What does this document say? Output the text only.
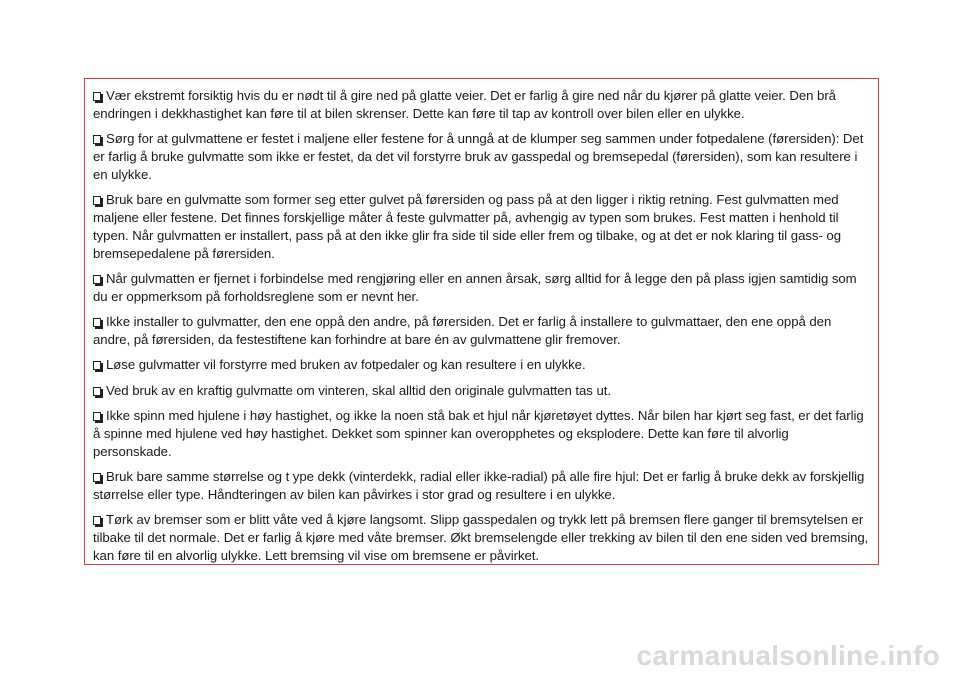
Vær ekstremt forsiktig hvis du er nødt til å gire ned på glatte veier. Det er farlig å gire ned når du kjører på glatte veier. Den brå endringen i dekkhastighet kan føre til at bilen skrenser. Dette kan føre til tap av kontroll over bilen eller en ulykke.

Sørg for at gulvmattene er festet i maljene eller festene for å unngå at de klumper seg sammen under fotpedalene (førersiden): Det er farlig å bruke gulvmatte som ikke er festet, da det vil forstyrre bruk av gasspedal og bremsepedal (førersiden), som kan resultere i en ulykke.

Bruk bare en gulvmatte som former seg etter gulvet på førersiden og pass på at den ligger i riktig retning. Fest gulvmatten med maljene eller festene. Det finnes forskjellige måter å feste gulvmatter på, avhengig av typen som brukes. Fest matten i henhold til typen. Når gulvmatten er installert, pass på at den ikke glir fra side til side eller frem og tilbake, og at det er nok klaring til gass- og bremsepedalene på førersiden.

Når gulvmatten er fjernet i forbindelse med rengjøring eller en annen årsak, sørg alltid for å legge den på plass igjen samtidig som du er oppmerksom på forholdsreglene som er nevnt her.

Ikke installer to gulvmatter, den ene oppå den andre, på førersiden. Det er farlig å installere to gulvmattaer, den ene oppå den andre, på førersiden, da festestiftene kan forhindre at bare én av gulvmattene glir fremover.

Løse gulvmatter vil forstyrre med bruken av fotpedaler og kan resultere i en ulykke.

Ved bruk av en kraftig gulvmatte om vinteren, skal alltid den originale gulvmatten tas ut.

Ikke spinn med hjulene i høy hastighet, og ikke la noen stå bak et hjul når kjøretøyet dyttes. Når bilen har kjørt seg fast, er det farlig å spinne med hjulene ved høy hastighet. Dekket som spinner kan overopphetes og eksplodere. Dette kan føre til alvorlig personskade.

Bruk bare samme størrelse og t ype dekk (vinterdekk, radial eller ikke-radial) på alle fire hjul: Det er farlig å bruke dekk av forskjellig størrelse eller type. Håndteringen av bilen kan påvirkes i stor grad og resultere i en ulykke.

Tørk av bremser som er blitt våte ved å kjøre langsomt. Slipp gasspedalen og trykk lett på bremsen flere ganger til bremsytelsen er tilbake til det normale. Det er farlig å kjøre med våte bremser. Økt bremselengde eller trekking av bilen til den ene siden ved bremsing, kan føre til en alvorlig ulykke. Lett bremsing vil vise om bremsene er påvirket.

carmanualsonline.info
